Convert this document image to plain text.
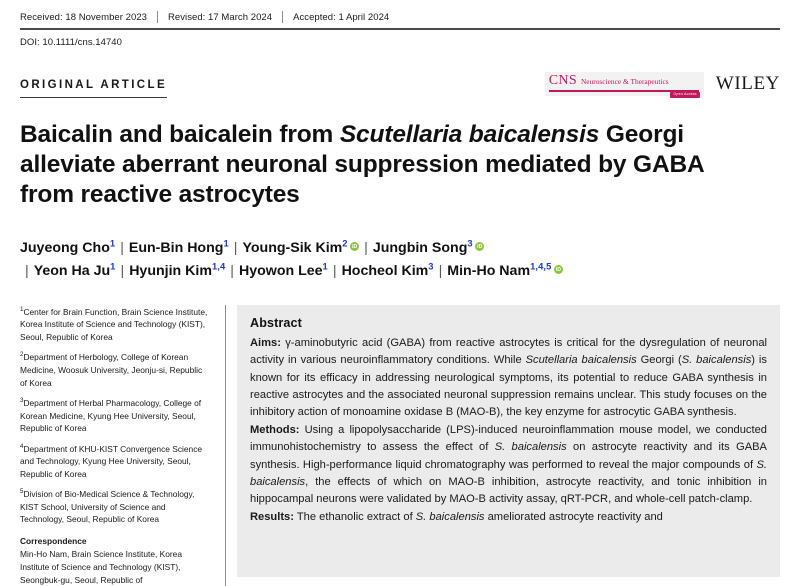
Received: 18 November 2023	Revised: 17 March 2024	Accepted: 1 April 2024
DOI: 10.1111/cns.14740
ORIGINAL ARTICLE	CNS Neuroscience & Therapeutics
Open Access
WILEY
Baicalin and baicalein from Scutellaria baicalensis Georgi alleviate aberrant neuronal suppression mediated by GABA from reactive astrocytes
Juyeong Cho$^1$ | Eun-Bin Hong$^1$ | Young-Sik Kim$^2$ iD | Jungbin Song$^3$iD| Yeon Ha Ju$^1$ | Hyunjin Kim$^{1,4}$ | Hyowon Lee$^1$ | Hocheol Kim$^3$ | Min-Ho Nam$^{1,4,5}$iD
$^1$Center for Brain Function, Brain Science Institute, Korea Institute of Science and Technology (KIST), Seoul, Republic of Korea
$^2$Department of Herbology, College of Korean Medicine, Woosuk University, Jeonju-si, Republic of Korea
$^3$Department of Herbal Pharmacology, College of Korean Medicine, Kyung Hee University, Seoul, Republic of Korea
$^4$Department of KHU-KIST Convergence Science and Technology, Kyung Hee University, Seoul, Republic of Korea
$^5$Division of Bio-Medical Science & Technology, KIST School, University of Science and Technology, Seoul, Republic of Korea
Correspondence
Min-Ho Nam, Brain Science Institute, Korea Institute of Science and Technology (KIST), Seongbuk-gu, Seoul, Republic of
Abstract

Aims: γ-aminobutyric acid (GABA) from reactive astrocytes is critical for the dysregulation of neuronal activity in various neuroinflammatory conditions. While Scutellaria baicalensis Georgi (S. baicalensis) is known for its efficacy in addressing neurological symptoms, its potential to reduce GABA synthesis in reactive astrocytes and the associated neuronal suppression remains unclear. This study focuses on the inhibitory action of monoamine oxidase B (MAO-B), the key enzyme for astrocytic GABA synthesis.

Methods: Using a lipopolysaccharide (LPS)-induced neuroinflammation mouse model, we conducted immunohistochemistry to assess the effect of S. baicalensis on astrocyte reactivity and its GABA synthesis. High-performance liquid chromatography was performed to reveal the major compounds of S. baicalensis, the effects of which on MAO-B inhibition, astrocyte reactivity, and tonic inhibition in hippocampal neurons were validated by MAO-B activity assay, qRT-PCR, and whole-cell patch-clamp.

Results: The ethanolic extract of S. baicalensis ameliorated astrocyte reactivity and
